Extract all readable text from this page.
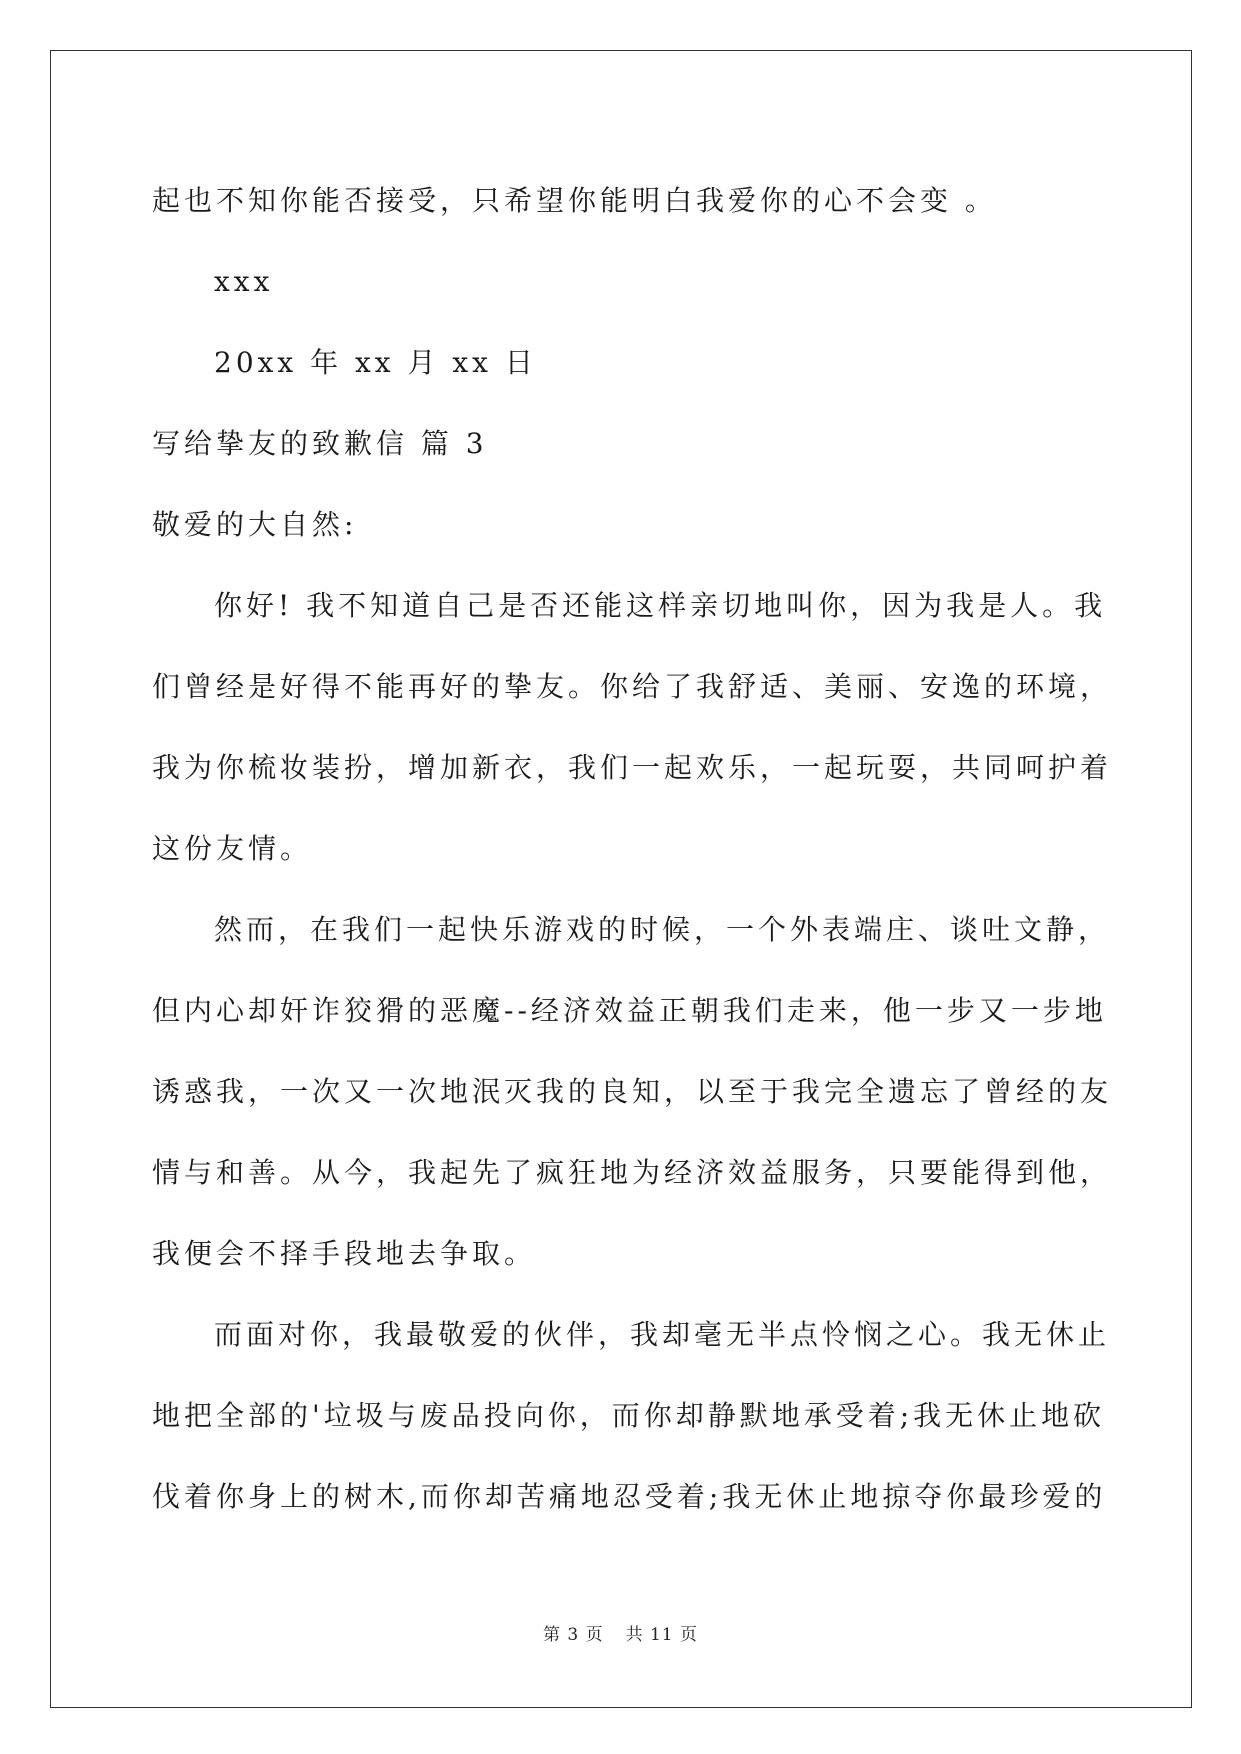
起也不知你能否接受，只希望你能明白我爱你的心不会变 。
xxx
20xx 年 xx 月 xx 日
写给挚友的致歉信 篇 3
敬爱的大自然:
你好! 我不知道自己是否还能这样亲切地叫你，因为我是人。我
们曾经是好得不能再好的挚友。你给了我舒适、美丽、安逸的环境，
我为你梳妆装扮，增加新衣，我们一起欢乐，一起玩耍，共同呵护着
这份友情。
然而，在我们一起快乐游戏的时候，一个外表端庄、谈吐文静，
但内心却奸诈狡猾的恶魔--经济效益正朝我们走来，他一步又一步地
诱惑我，一次又一次地泯灭我的良知，以至于我完全遗忘了曾经的友
情与和善。从今，我起先了疯狂地为经济效益服务，只要能得到他，
我便会不择手段地去争取。
而面对你，我最敬爱的伙伴，我却毫无半点怜悯之心。我无休止
地把全部的'垃圾与废品投向你，而你却静默地承受着;我无休止地砍
伐着你身上的树木,而你却苦痛地忍受着;我无休止地掠夺你最珍爱的
第 3 页 共 11 页
